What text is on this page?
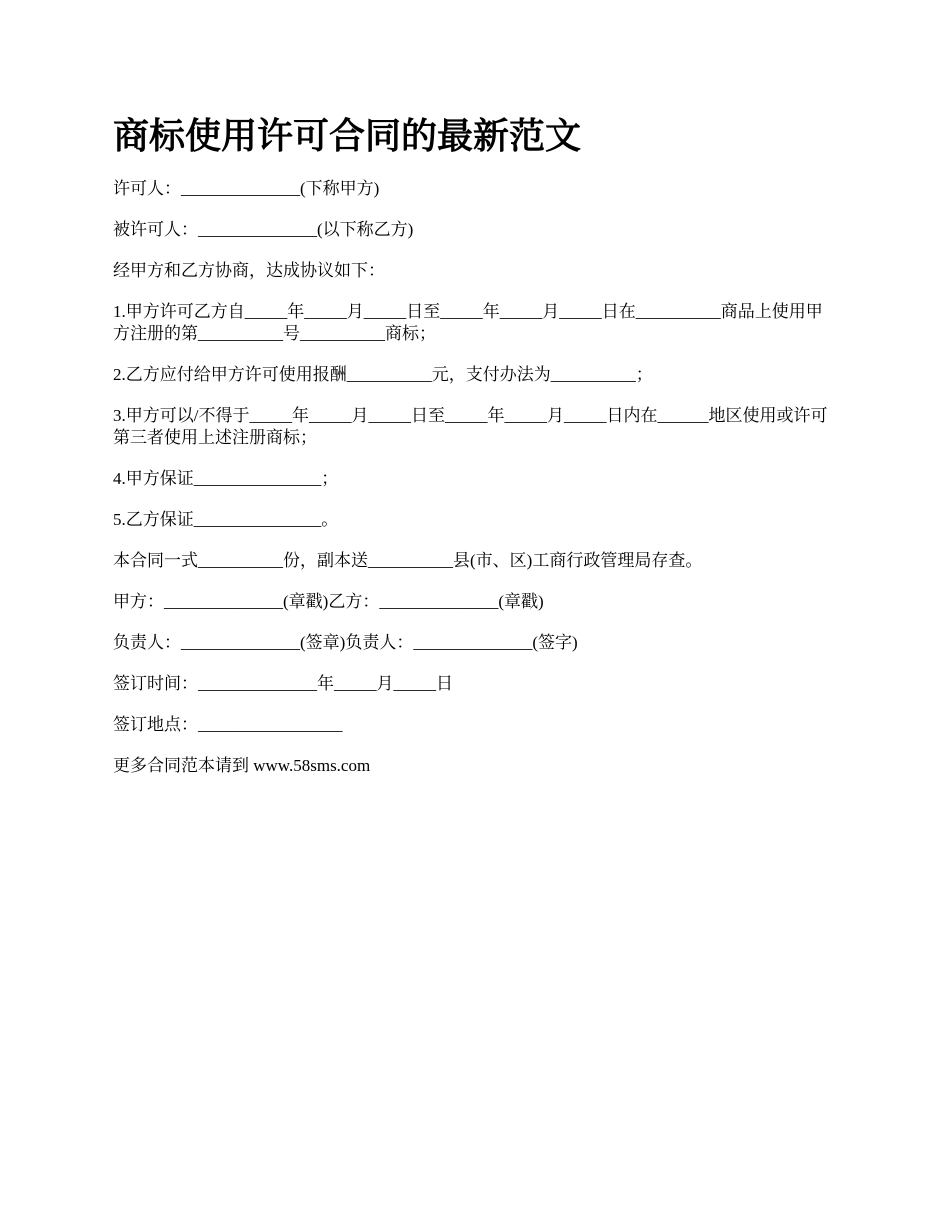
商标使用许可合同的最新范文

许可人：______________(下称甲方)

被许可人：______________(以下称乙方)

经甲方和乙方协商，达成协议如下：

1.甲方许可乙方自_____年_____月_____日至_____年_____月_____日在__________商品上使用甲方注册的第__________号__________商标；

2.乙方应付给甲方许可使用报酬__________元，支付办法为__________；

3.甲方可以/不得于_____年_____月_____日至_____年_____月_____日内在______地区使用或许可第三者使用上述注册商标；

4.甲方保证_______________；

5.乙方保证_______________。

本合同一式__________份，副本送__________县(市、区)工商行政管理局存查。

甲方：______________(章戳)乙方：______________(章戳)

负责人：______________(签章)负责人：______________(签字)

签订时间：______________年_____月_____日

签订地点：_________________

更多合同范本请到 www.58sms.com
